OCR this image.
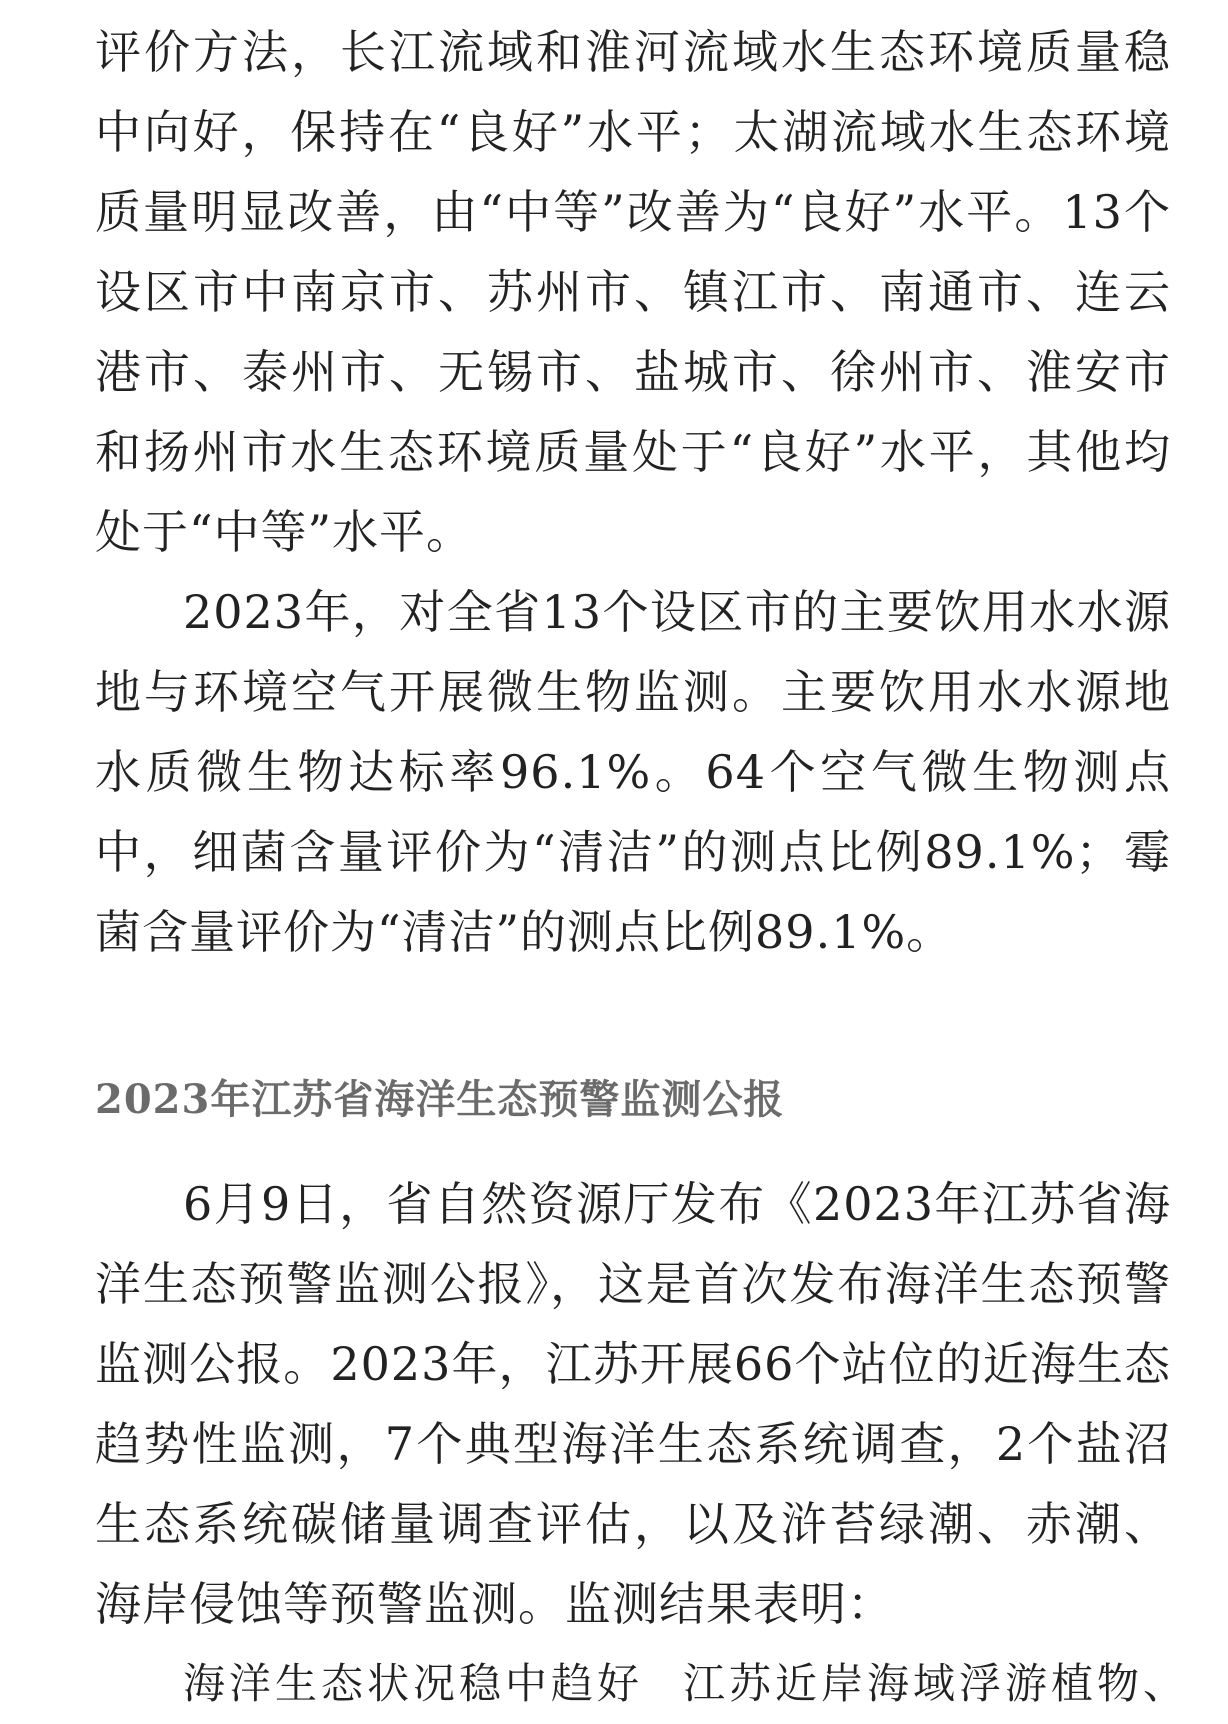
评价方法，长江流域和淮河流域水生态环境质量稳中向好，保持在“良好”水平；太湖流域水生态环境质量明显改善，由“中等”改善为“良好”水平。13个设区市中南京市、苏州市、镇江市、南通市、连云港市、泰州市、无锡市、盐城市、徐州市、淮安市和扬州市水生态环境质量处于“良好”水平，其他均处于“中等”水平。

2023年，对全省13个设区市的主要饮用水水源地与环境空气开展微生物监测。主要饮用水水源地水质微生物达标率96.1%。64个空气微生物测点中，细菌含量评价为“清洁”的测点比例89.1%；霉菌含量评价为“清洁”的测点比例89.1%。

2023年江苏省海洋生态预警监测公报

6月9日，省自然资源厅发布《2023年江苏省海洋生态预警监测公报》，这是首次发布海洋生态预警监测公报。2023年，江苏开展66个站位的近海生态趋势性监测，7个典型海洋生态系统调查，2个盐沼生态系统碳储量调查评估，以及浒苔绿潮、赤潮、海岸侵蚀等预警监测。监测结果表明：

海洋生态状况稳中趋好 江苏近岸海域浮游植物、
